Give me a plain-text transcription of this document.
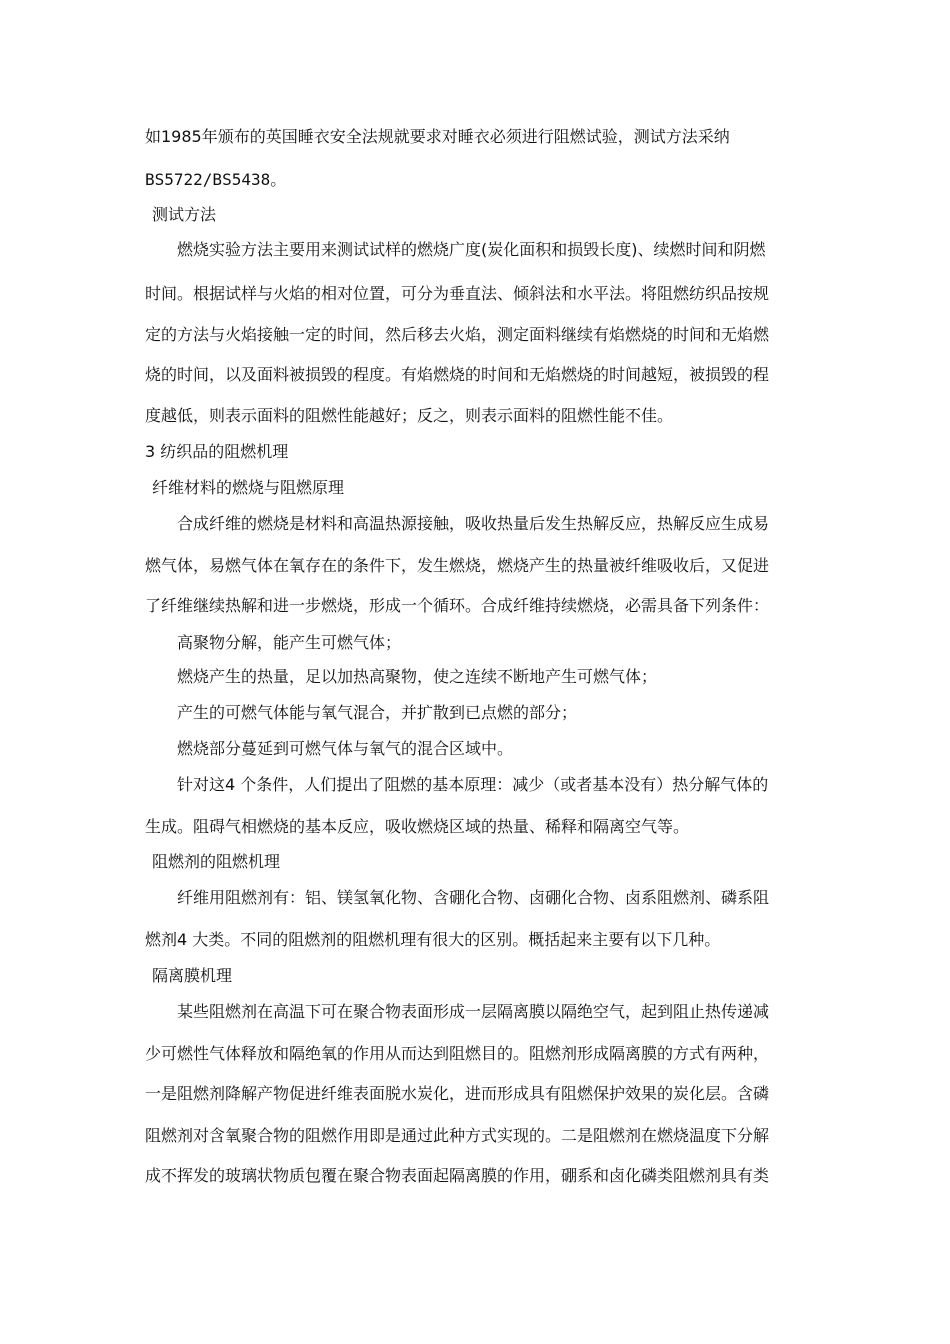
如1985年颁布的英国睡衣安全法规就要求对睡衣必须进行阻燃试验，测试方法采纳
BS5722/BS5438。
测试方法
燃烧实验方法主要用来测试试样的燃烧广度(炭化面积和损毁长度)、续燃时间和阴燃
时间。根据试样与火焰的相对位置，可分为垂直法、倾斜法和水平法。将阻燃纺织品按规
定的方法与火焰接触一定的时间，然后移去火焰，测定面料继续有焰燃烧的时间和无焰燃
烧的时间，以及面料被损毁的程度。有焰燃烧的时间和无焰燃烧的时间越短，被损毁的程
度越低，则表示面料的阻燃性能越好；反之，则表示面料的阻燃性能不佳。
3 纺织品的阻燃机理
纤维材料的燃烧与阻燃原理
合成纤维的燃烧是材料和高温热源接触，吸收热量后发生热解反应，热解反应生成易
燃气体，易燃气体在氧存在的条件下，发生燃烧，燃烧产生的热量被纤维吸收后，又促进
了纤维继续热解和进一步燃烧，形成一个循环。合成纤维持续燃烧，必需具备下列条件：
高聚物分解，能产生可燃气体；
燃烧产生的热量，足以加热高聚物，使之连续不断地产生可燃气体；
产生的可燃气体能与氧气混合，并扩散到已点燃的部分；
燃烧部分蔓延到可燃气体与氧气的混合区域中。
针对这4 个条件，人们提出了阻燃的基本原理：减少（或者基本没有）热分解气体的
生成。阻碍气相燃烧的基本反应，吸收燃烧区域的热量、稀释和隔离空气等。
阻燃剂的阻燃机理
纤维用阻燃剂有：铝、镁氢氧化物、含硼化合物、卤硼化合物、卤系阻燃剂、磷系阻
燃剂4 大类。不同的阻燃剂的阻燃机理有很大的区别。概括起来主要有以下几种。
隔离膜机理
某些阻燃剂在高温下可在聚合物表面形成一层隔离膜以隔绝空气，起到阻止热传递减
少可燃性气体释放和隔绝氧的作用从而达到阻燃目的。阻燃剂形成隔离膜的方式有两种，
一是阻燃剂降解产物促进纤维表面脱水炭化，进而形成具有阻燃保护效果的炭化层。含磷
阻燃剂对含氧聚合物的阻燃作用即是通过此种方式实现的。二是阻燃剂在燃烧温度下分解
成不挥发的玻璃状物质包覆在聚合物表面起隔离膜的作用，硼系和卤化磷类阻燃剂具有类
